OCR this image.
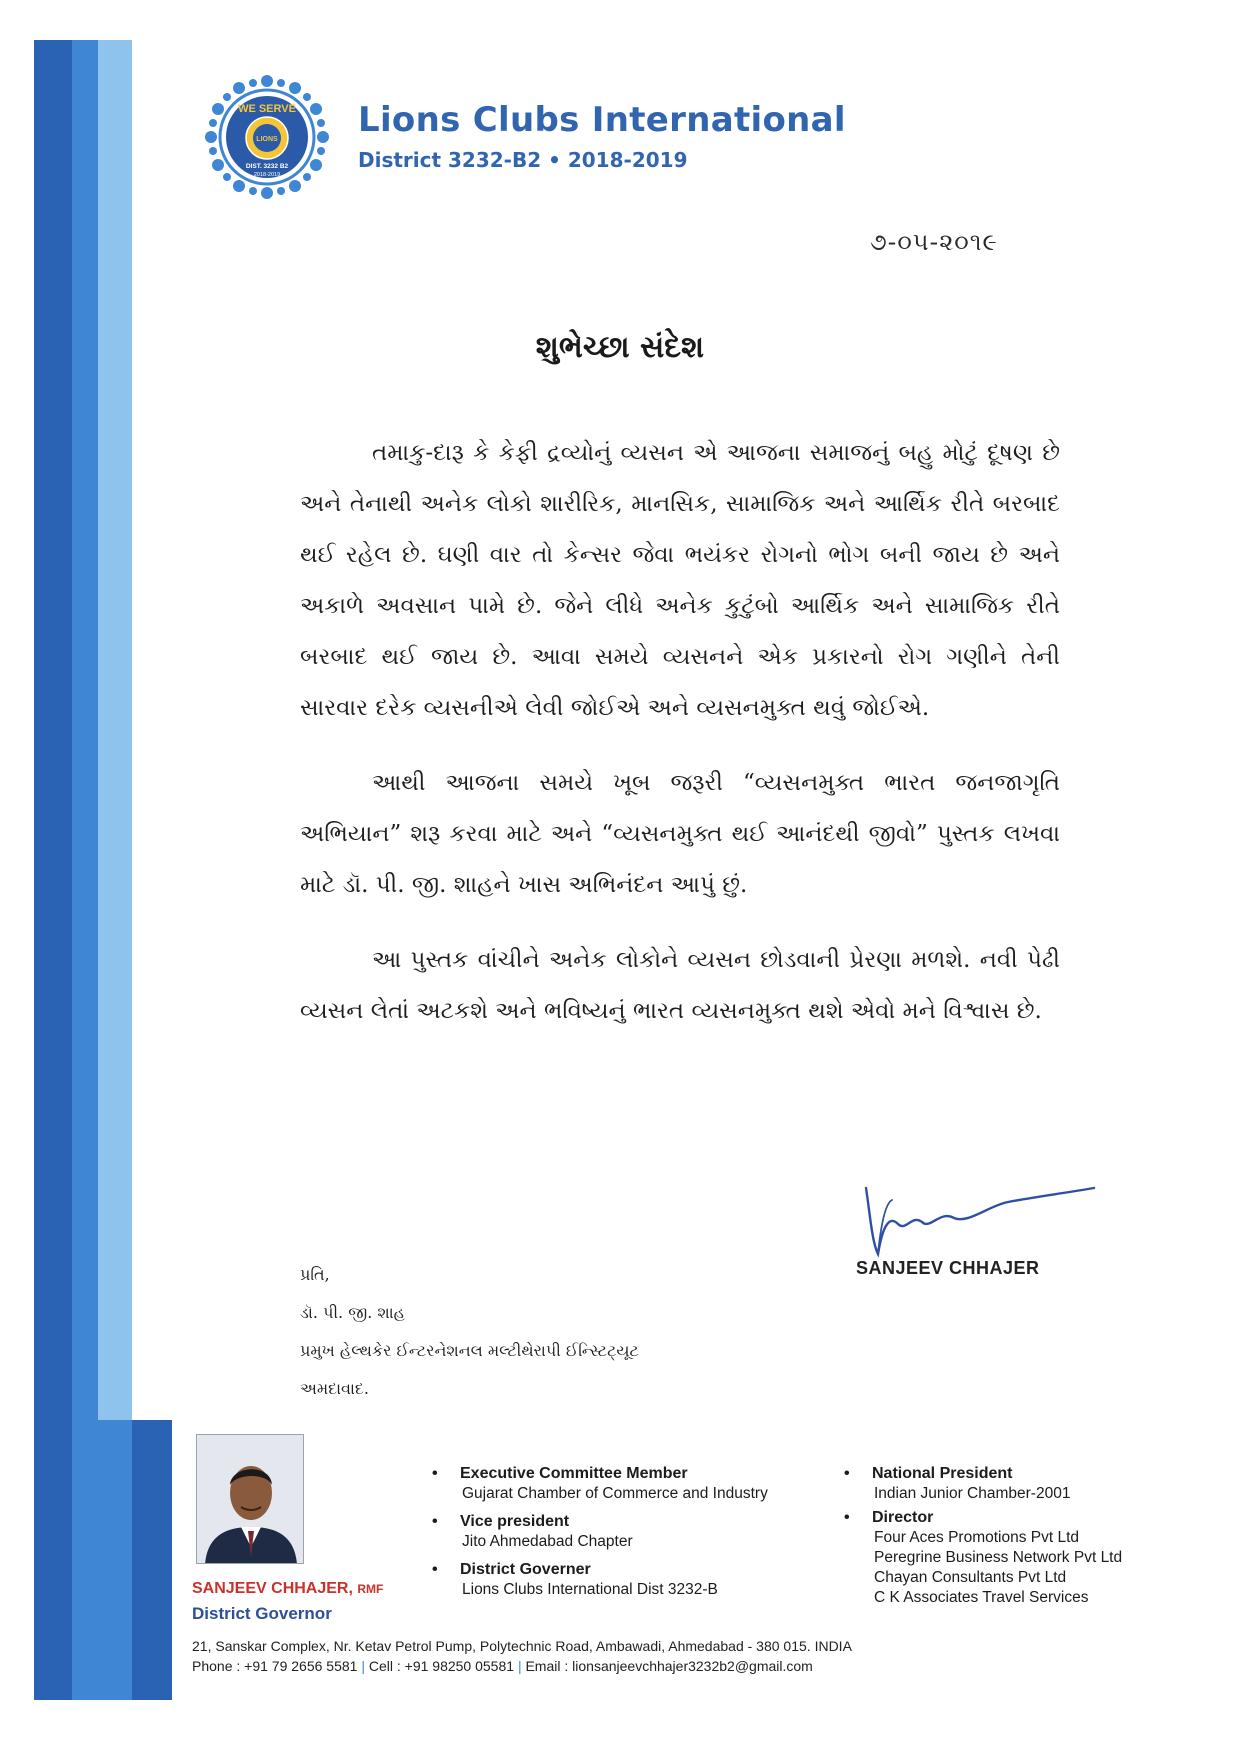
WE SERVE
LIONS
DIST. 3232 B2
2018-2019
Lions Clubs International
District 3232-B2 • 2018-2019
૭-૦૫-૨૦૧૯
શુભેચ્છા સંદેશ

તમાકુ-દારૂ કે કેફી દ્રવ્યોનું વ્યસન એ આજના સમાજનું બહુ મોટું દૂષણ છે અને તેનાથી અનેક લોકો શારીરિક, માનસિક, સામાજિક અને આર્થિક રીતે બરબાદ થઈ રહેલ છે. ઘણી વાર તો કેન્સર જેવા ભયંકર રોગનો ભોગ બની જાય છે અને અકાળે અવસાન પામે છે. જેને લીધે અનેક કુટુંબો આર્થિક અને સામાજિક રીતે બરબાદ થઈ જાય છે. આવા સમયે વ્યસનને એક પ્રકારનો રોગ ગણીને તેની સારવાર દરેક વ્યસનીએ લેવી જોઈએ અને વ્યસનમુક્ત થવું જોઈએ.

આથી આજના સમયે ખૂબ જરૂરી “વ્યસનમુક્ત ભારત જનજાગૃતિ અભિયાન” શરૂ કરવા માટે અને “વ્યસનમુક્ત થઈ આનંદથી જીવો” પુસ્તક લખવા માટે ડૉ. પી. જી. શાહને ખાસ અભિનંદન આપું છું.

આ પુસ્તક વાંચીને અનેક લોકોને વ્યસન છોડવાની પ્રેરણા મળશે. નવી પેઢી વ્યસન લેતાં અટકશે અને ભવિષ્યનું ભારત વ્યસનમુક્ત થશે એવો મને વિશ્વાસ છે.

SANJEEV CHHAJER
પ્રતિ,
ડૉ. પી. જી. શાહ
પ્રમુખ હેલ્થકેર ઈન્ટરનેશનલ મલ્ટીથેરાપી ઈન્સ્ટિટ્યૂટ
અમદાવાદ.
SANJEEV CHHAJER, RMF
District Governor
• Executive Committee Member
Gujarat Chamber of Commerce and Industry
• Vice president
Jito Ahmedabad Chapter
• District Governer
Lions Clubs International Dist 3232-B
• National President
Indian Junior Chamber-2001
• Director
Four Aces Promotions Pvt Ltd
Peregrine Business Network Pvt Ltd
Chayan Consultants Pvt Ltd
C K Associates Travel Services
21, Sanskar Complex, Nr. Ketav Petrol Pump, Polytechnic Road, Ambawadi, Ahmedabad - 380 015. INDIA
Phone : +91 79 2656 5581 | Cell : +91 98250 05581 | Email : lionsanjeevchhajer3232b2@gmail.com
